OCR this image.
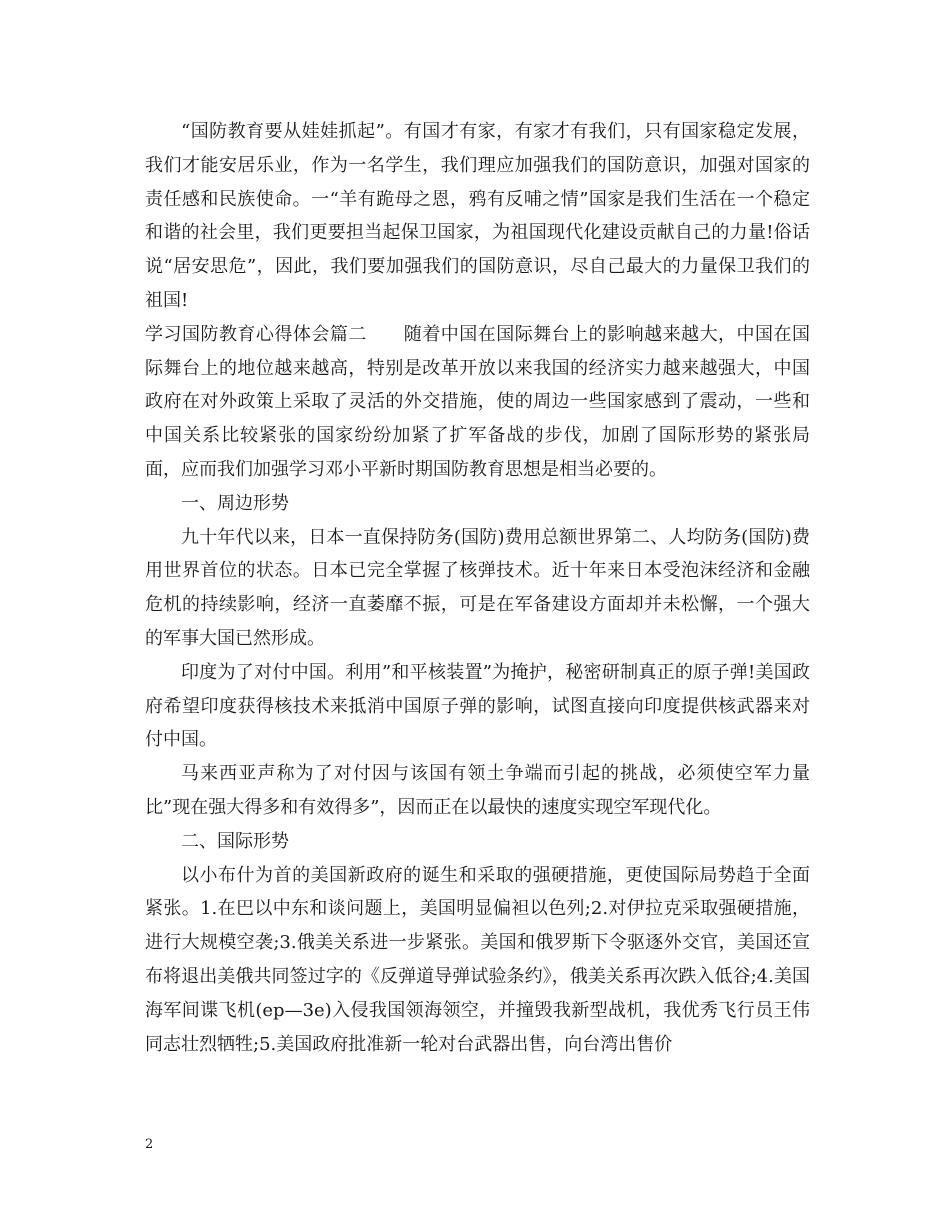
“国防教育要从娃娃抓起”。有国才有家，有家才有我们，只有国家稳定发展，我们才能安居乐业，作为一名学生，我们理应加强我们的国防意识，加强对国家的责任感和民族使命。一“羊有跪母之恩，鸦有反哺之情”国家是我们生活在一个稳定和谐的社会里，我们更要担当起保卫国家，为祖国现代化建设贡献自己的力量!俗话说“居安思危”，因此，我们要加强我们的国防意识，尽自己最大的力量保卫我们的祖国!

学习国防教育心得体会篇二　　随着中国在国际舞台上的影响越来越大，中国在国际舞台上的地位越来越高，特别是改革开放以来我国的经济实力越来越强大，中国政府在对外政策上采取了灵活的外交措施，使的周边一些国家感到了震动，一些和中国关系比较紧张的国家纷纷加紧了扩军备战的步伐，加剧了国际形势的紧张局面，应而我们加强学习邓小平新时期国防教育思想是相当必要的。

一、周边形势

九十年代以来，日本一直保持防务(国防)费用总额世界第二、人均防务(国防)费用世界首位的状态。日本已完全掌握了核弹技术。近十年来日本受泡沫经济和金融危机的持续影响，经济一直萎靡不振，可是在军备建设方面却并未松懈，一个强大的军事大国已然形成。

印度为了对付中国。利用”和平核装置”为掩护，秘密研制真正的原子弹!美国政府希望印度获得核技术来抵消中国原子弹的影响，试图直接向印度提供核武器来对付中国。

马来西亚声称为了对付因与该国有领土争端而引起的挑战，必须使空军力量比”现在强大得多和有效得多”，因而正在以最快的速度实现空军现代化。

二、国际形势

以小布什为首的美国新政府的诞生和采取的强硬措施，更使国际局势趋于全面紧张。1.在巴以中东和谈问题上，美国明显偏袒以色列;2.对伊拉克采取强硬措施，进行大规模空袭;3.俄美关系进一步紧张。美国和俄罗斯下令驱逐外交官，美国还宣布将退出美俄共同签过字的《反弹道导弹试验条约》，俄美关系再次跌入低谷;4.美国海军间谍飞机(ep—3e)入侵我国领海领空，并撞毁我新型战机，我优秀飞行员王伟同志壮烈牺牲;5.美国政府批准新一轮对台武器出售，向台湾出售价

2
